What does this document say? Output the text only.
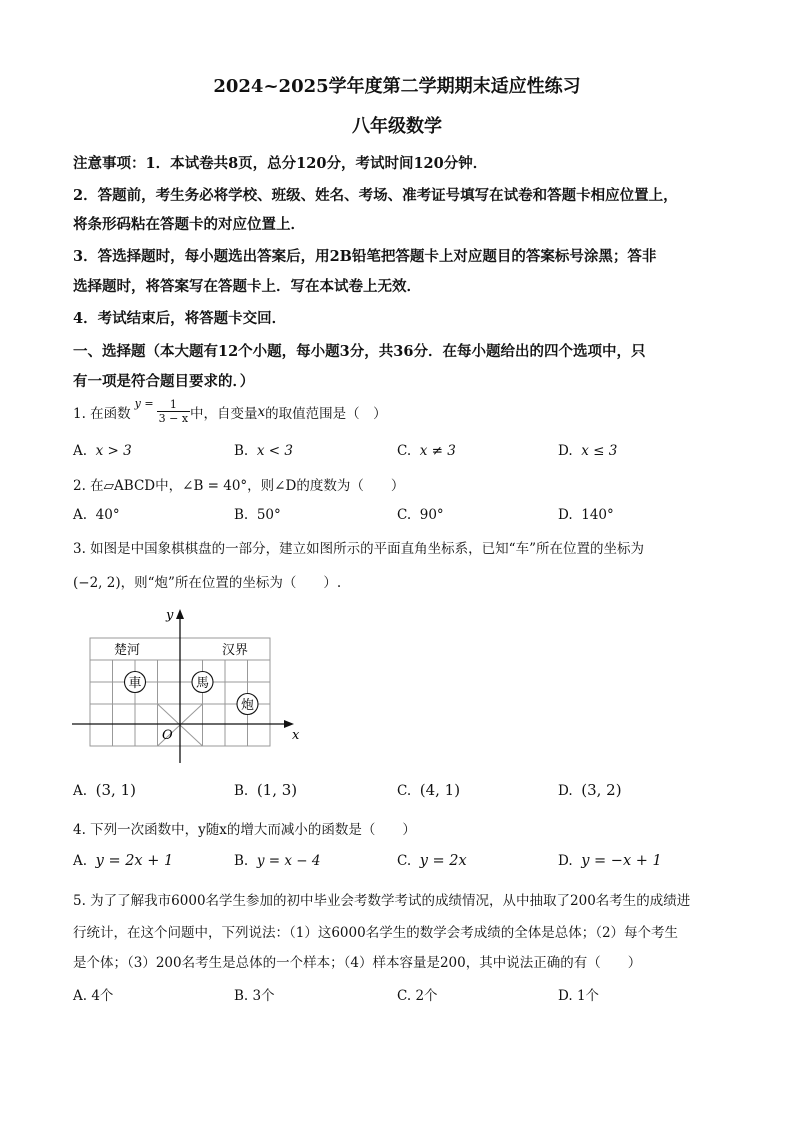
2024~2025学年度第二学期期末适应性练习
八年级数学
注意事项：1．本试卷共8页，总分120分，考试时间120分钟．
2．答题前，考生务必将学校、班级、姓名、考场、准考证号填写在试卷和答题卡相应位置上，
将条形码粘在答题卡的对应位置上．
3．答选择题时，每小题选出答案后，用2B铅笔把答题卡上对应题目的答案标号涂黑；答非
选择题时，将答案写在答题卡上．写在本试卷上无效．
4．考试结束后，将答题卡交回．
一、选择题（本大题有12个小题，每小题3分，共36分．在每小题给出的四个选项中，只
有一项是符合题目要求的．）
1. 在函数
$y = \frac{1}{3 - x}$ 中，自变量 x 的取值范围是（　）
A. x > 3	B. x < 3	C. x ≠ 3	D. x ≤ 3
2. 在▱ABCD中，∠B = 40°，则∠D的度数为（　　）
A. 40°	B. 50°	C. 90°	D. 140°
3. 如图是中国象棋棋盘的一部分，建立如图所示的平面直角坐标系，已知“车”所在位置的坐标为
(−2, 2)，则“炮”所在位置的坐标为（　　）.
x
y
O
楚河	汉界
車	馬
炮
A. (3, 1)	B. (1, 3)	C. (4, 1)	D. (3, 2)
4. 下列一次函数中，y随x的增大而减小的函数是（　　）
A. y = 2x + 1	B. y = x − 4	C. y = 2x	D. y = −x + 1
5. 为了了解我市6000名学生参加的初中毕业会考数学考试的成绩情况，从中抽取了200名考生的成绩进
行统计，在这个问题中，下列说法：（1）这6000名学生的数学会考成绩的全体是总体；（2）每个考生
是个体；（3）200名考生是总体的一个样本；（4）样本容量是200，其中说法正确的有（　　）
A. 4个	B. 3个	C. 2个	D. 1个
